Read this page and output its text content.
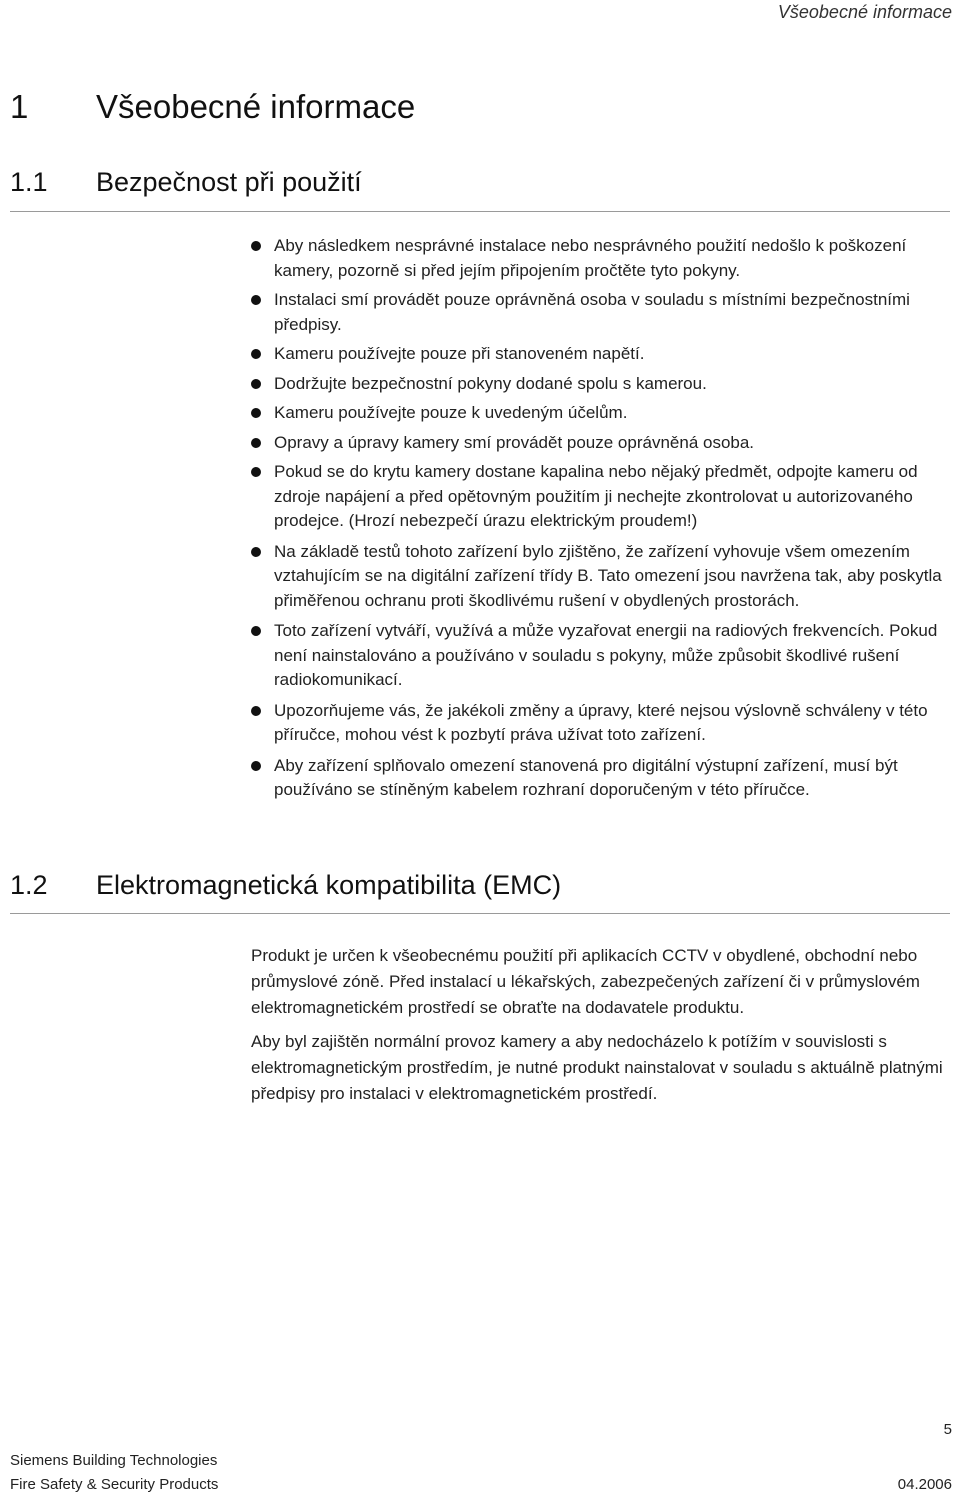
Všeobecné informace
1 Všeobecné informace
1.1 Bezpečnost při použití
Aby následkem nesprávné instalace nebo nesprávného použití nedošlo k poškození kamery, pozorně si před jejím připojením pročtěte tyto pokyny.
Instalaci smí provádět pouze oprávněná osoba v souladu s místními bezpečnostními předpisy.
Kameru používejte pouze při stanoveném napětí.
Dodržujte bezpečnostní pokyny dodané spolu s kamerou.
Kameru používejte pouze k uvedeným účelům.
Opravy a úpravy kamery smí provádět pouze oprávněná osoba.
Pokud se do krytu kamery dostane kapalina nebo nějaký předmět, odpojte kameru od zdroje napájení a před opětovným použitím ji nechejte zkontrolovat u autorizovaného prodejce. (Hrozí nebezpečí úrazu elektrickým proudem!)
Na základě testů tohoto zařízení bylo zjištěno, že zařízení vyhovuje všem omezením vztahujícím se na digitální zařízení třídy B. Tato omezení jsou navržena tak, aby poskytla přiměřenou ochranu proti škodlivému rušení v obydlených prostorách.
Toto zařízení vytváří, využívá a může vyzařovat energii na radiových frekvencích. Pokud není nainstalováno a používáno v souladu s pokyny, může způsobit škodlivé rušení radiokomunikací.
Upozorňujeme vás, že jakékoli změny a úpravy, které nejsou výslovně schváleny v této příručce, mohou vést k pozbytí práva užívat toto zařízení.
Aby zařízení splňovalo omezení stanovená pro digitální výstupní zařízení, musí být používáno se stíněným kabelem rozhraní doporučeným v této příručce.
1.2 Elektromagnetická kompatibilita (EMC)

Produkt je určen k všeobecnému použití při aplikacích CCTV v obydlené, obchodní nebo průmyslové zóně. Před instalací u lékařských, zabezpečených zařízení či v průmyslovém elektromagnetickém prostředí se obraťte na dodavatele produktu.

Aby byl zajištěn normální provoz kamery a aby nedocházelo k potížím v souvislosti s elektromagnetickým prostředím, je nutné produkt nainstalovat v souladu s aktuálně platnými předpisy pro instalaci v elektromagnetickém prostředí.

5
Siemens Building Technologies
Fire Safety & Security Products	04.2006
